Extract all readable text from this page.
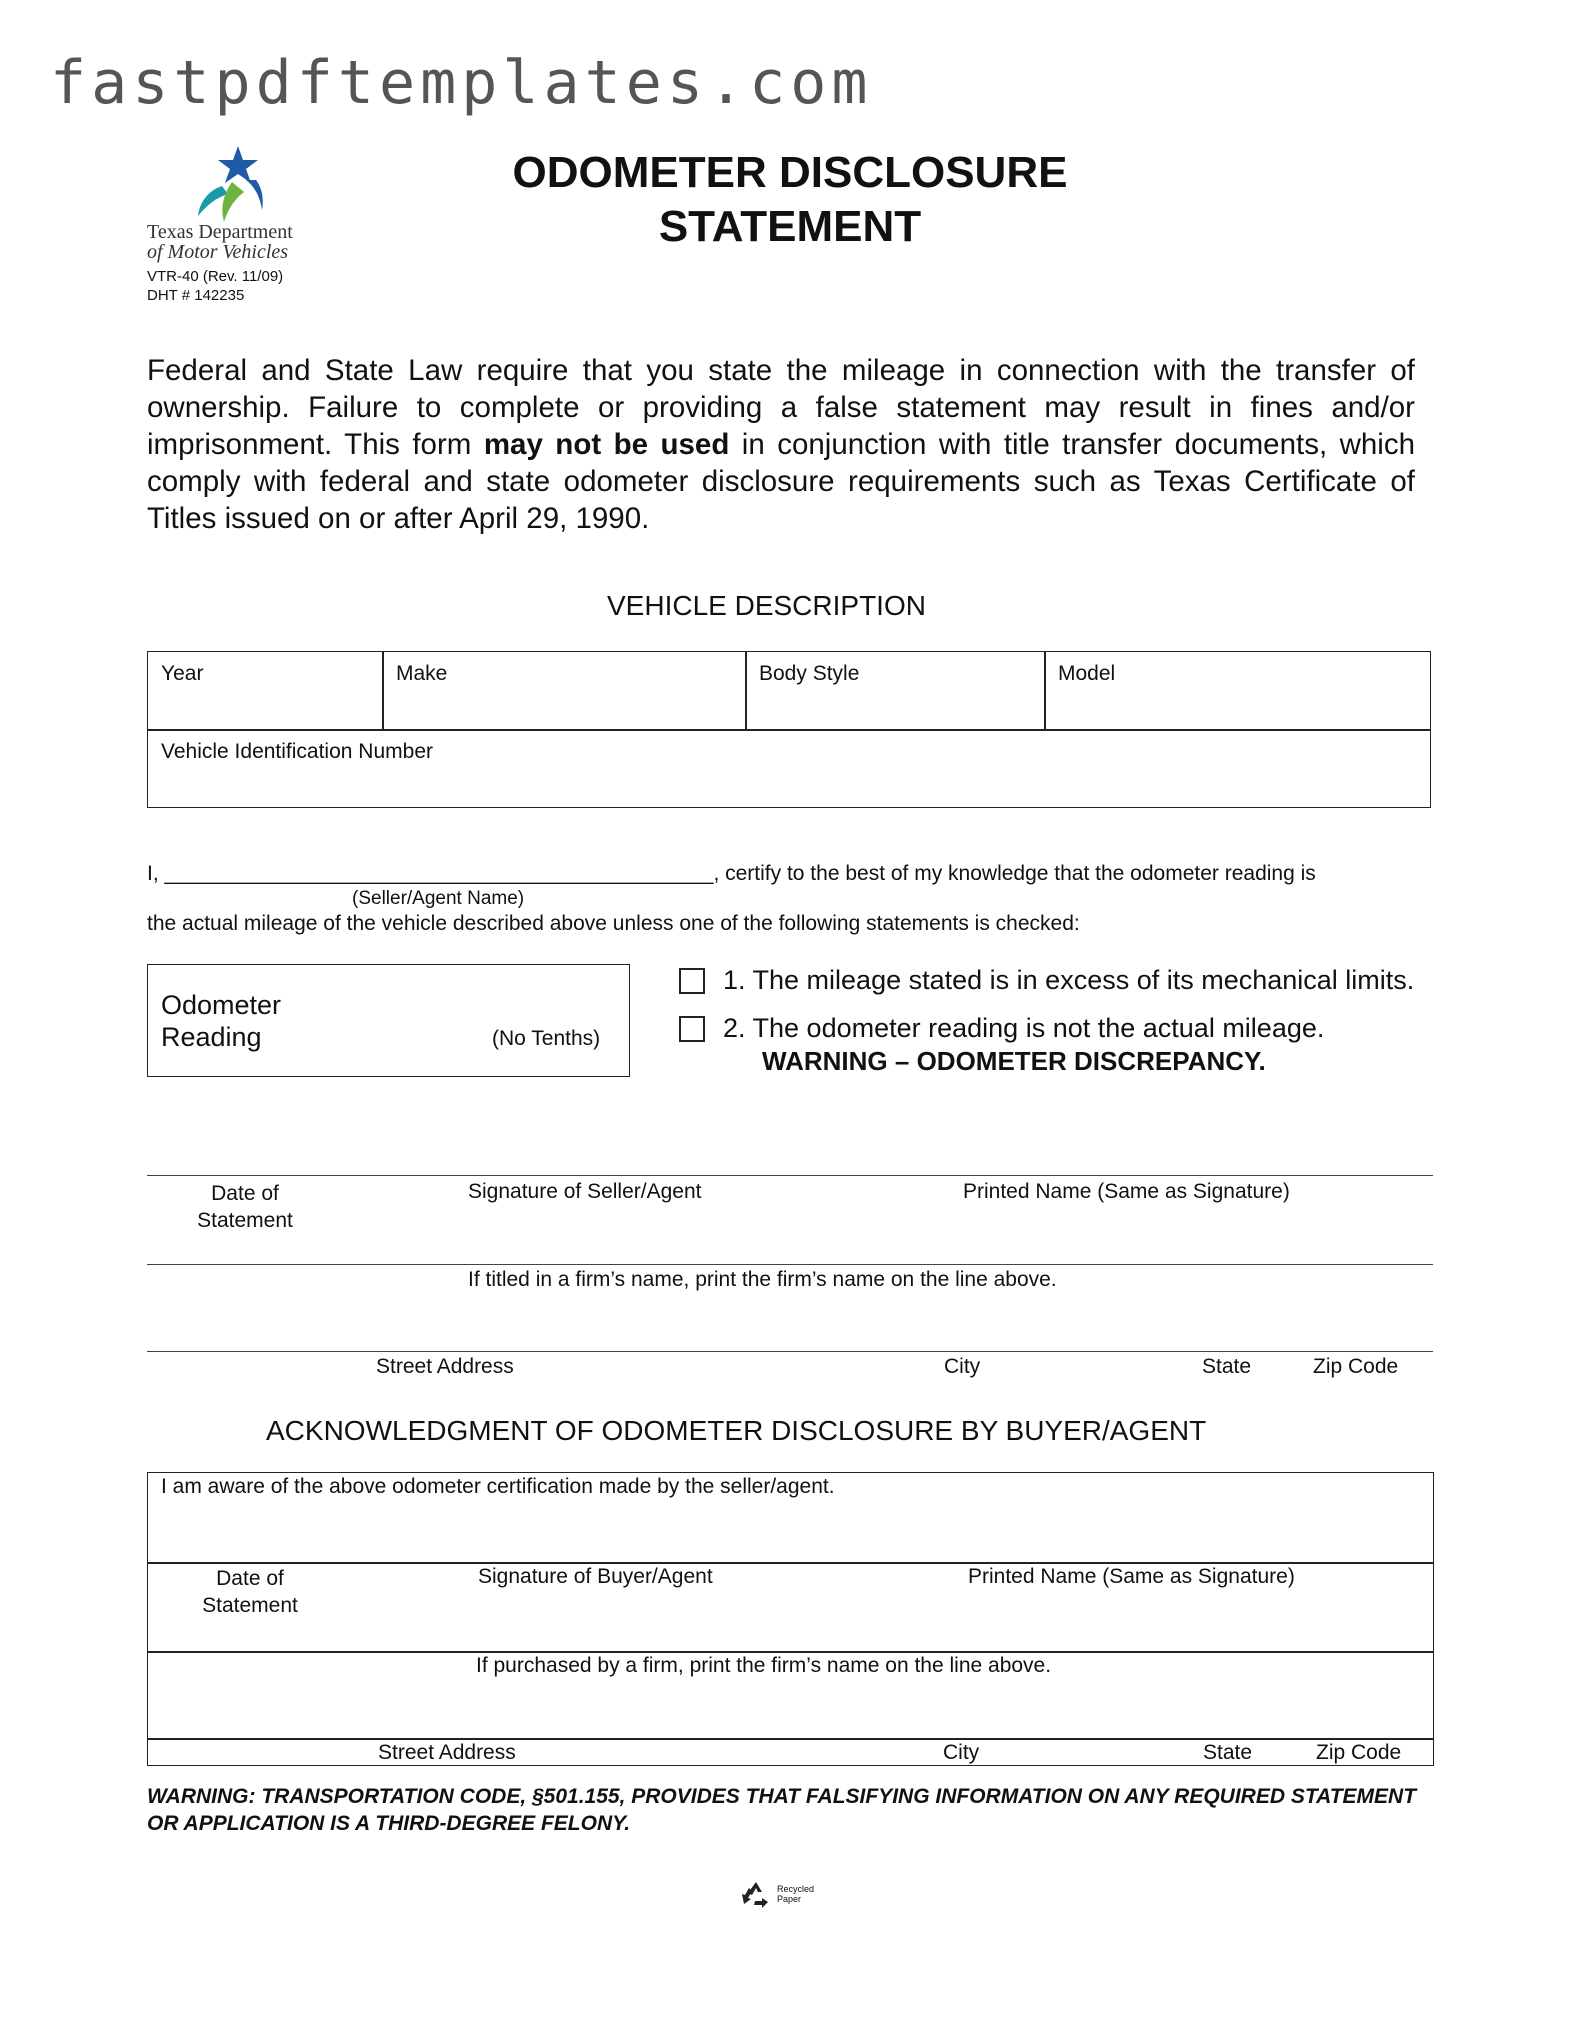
fastpdftemplates.com
Texas Department
of Motor Vehicles
VTR-40 (Rev. 11/09)
DHT # 142235
ODOMETER DISCLOSURE
STATEMENT
Federal and State Law require that you state the mileage in connection with the transfer of ownership. Failure to complete or providing a false statement may result in fines and/or imprisonment. This form may not be used in conjunction with title transfer documents, which comply with federal and state odometer disclosure requirements such as Texas Certificate of Titles issued on or after April 29, 1990.
VEHICLE DESCRIPTION
Year	Make	Body Style	Model
Vehicle Identification Number
I, _______________________________________________, certify to the best of my knowledge that the odometer reading is
(Seller/Agent Name)
the actual mileage of the vehicle described above unless one of the following statements is checked:
Odometer
Reading	(No Tenths)
1. The mileage stated is in excess of its mechanical limits.
2. The odometer reading is not the actual mileage.
WARNING – ODOMETER DISCREPANCY.
Date of
Statement
Signature of Seller/Agent	Printed Name (Same as Signature)
If titled in a firm’s name, print the firm’s name on the line above.
Street Address	City	State	Zip Code
ACKNOWLEDGMENT OF ODOMETER DISCLOSURE BY BUYER/AGENT
I am aware of the above odometer certification made by the seller/agent.
Date of
Statement
Signature of Buyer/Agent	Printed Name (Same as Signature)
If purchased by a firm, print the firm’s name on the line above.
Street Address	City	State	Zip Code
WARNING: TRANSPORTATION CODE, §501.155, PROVIDES THAT FALSIFYING INFORMATION ON ANY REQUIRED STATEMENT OR APPLICATION IS A THIRD-DEGREE FELONY.
Recycled
Paper
